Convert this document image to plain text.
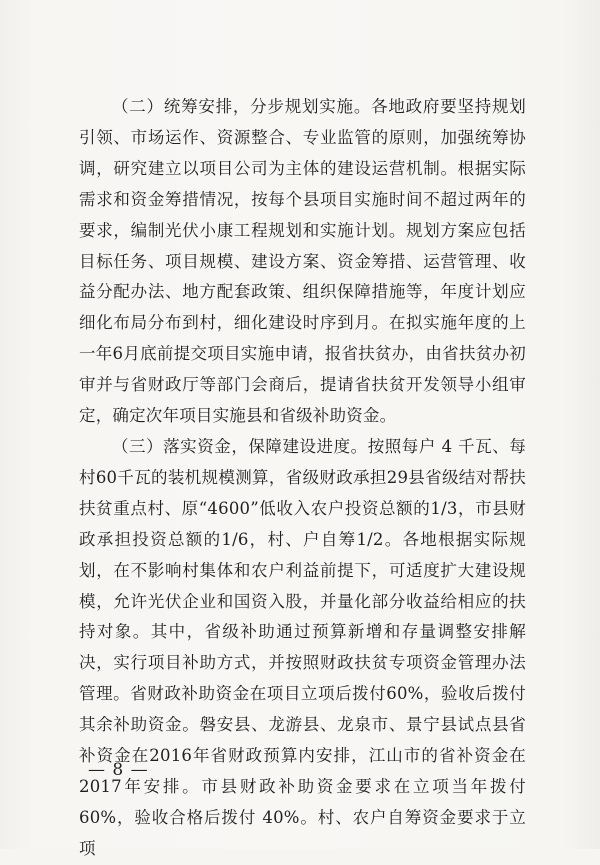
（二）统筹安排，分步规划实施。各地政府要坚持规划引领、市场运作、资源整合、专业监管的原则，加强统筹协调，研究建立以项目公司为主体的建设运营机制。根据实际需求和资金筹措情况，按每个县项目实施时间不超过两年的要求，编制光伏小康工程规划和实施计划。规划方案应包括目标任务、项目规模、建设方案、资金筹措、运营管理、收益分配办法、地方配套政策、组织保障措施等，年度计划应细化布局分布到村，细化建设时序到月。在拟实施年度的上一年6月底前提交项目实施申请，报省扶贫办，由省扶贫办初审并与省财政厅等部门会商后，提请省扶贫开发领导小组审定，确定次年项目实施县和省级补助资金。

（三）落实资金，保障建设进度。按照每户 4 千瓦、每村60千瓦的装机规模测算，省级财政承担29县省级结对帮扶扶贫重点村、原“4600”低收入农户投资总额的1/3，市县财政承担投资总额的1/6，村、户自筹1/2。各地根据实际规划，在不影响村集体和农户利益前提下，可适度扩大建设规模，允许光伏企业和国资入股，并量化部分收益给相应的扶持对象。其中，省级补助通过预算新增和存量调整安排解决，实行项目补助方式，并按照财政扶贫专项资金管理办法管理。省财政补助资金在项目立项后拨付60%，验收后拨付其余补助资金。磐安县、龙游县、龙泉市、景宁县试点县省补资金在2016年省财政预算内安排，江山市的省补资金在2017年安排。市县财政补助资金要求在立项当年拨付 60%，验收合格后拨付 40%。村、农户自筹资金要求于立项

— 8 —
